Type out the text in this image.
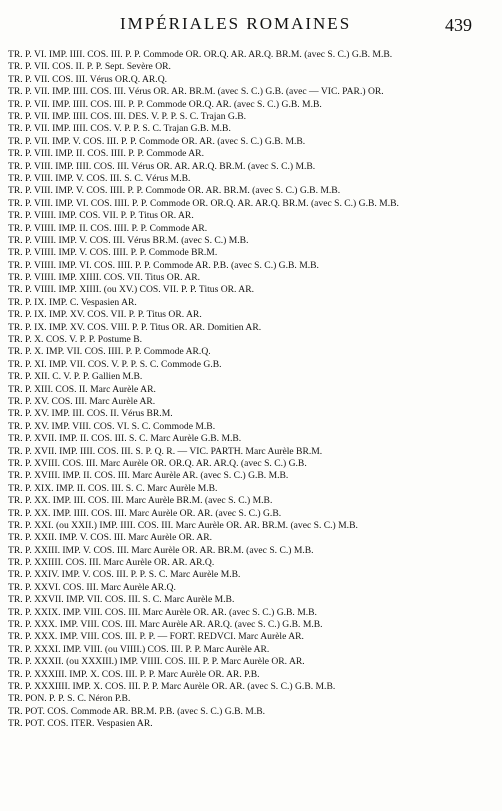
IMPÉRIALES ROMAINES	439
TR. P. VI. IMP. IIII. COS. III. P. P. Commode OR. OR.Q. AR. AR.Q. BR.M. (avec S. C.) G.B. M.B.
TR. P. VII. COS. II. P. P. Sept. Sevère OR.
TR. P. VII. COS. III. Vérus OR.Q. AR.Q.
TR. P. VII. IMP. IIII. COS. III. Vérus OR. AR. BR.M. (avec S. C.) G.B. (avec — VIC. PAR.) OR.
TR. P. VII. IMP. IIII. COS. III. P. P. Commode OR.Q. AR. (avec S. C.) G.B. M.B.
TR. P. VII. IMP. IIII. COS. III. DES. V. P. P. S. C. Trajan G.B.
TR. P. VII. IMP. IIII. COS. V. P. P. S. C. Trajan G.B. M.B.
TR. P. VII. IMP. V. COS. III. P. P. Commode OR. AR. (avec S. C.) G.B. M.B.
TR. P. VIII. IMP. II. COS. IIII. P. P. Commode AR.
TR. P. VIII. IMP. IIII. COS. III. Vérus OR. AR. AR.Q. BR.M. (avec S. C.) M.B.
TR. P. VIII. IMP. V. COS. III. S. C. Vérus M.B.
TR. P. VIII. IMP. V. COS. IIII. P. P. Commode OR. AR. BR.M. (avec S. C.) G.B. M.B.
TR. P. VIII. IMP. VI. COS. IIII. P. P. Commode OR. OR.Q. AR. AR.Q. BR.M. (avec S. C.) G.B. M.B.
TR. P. VIIII. IMP. COS. VII. P. P. Titus OR. AR.
TR. P. VIIII. IMP. II. COS. IIII. P. P. Commode AR.
TR. P. VIIII. IMP. V. COS. III. Vérus BR.M. (avec S. C.) M.B.
TR. P. VIIII. IMP. V. COS. IIII. P. P. Commode BR.M.
TR. P. VIIII. IMP. VI. COS. IIII. P. P. Commode AR. P.B. (avec S. C.) G.B. M.B.
TR. P. VIIII. IMP. XIIII. COS. VII. Titus OR. AR.
TR. P. VIIII. IMP. XIIII. (ou XV.) COS. VII. P. P. Titus OR. AR.
TR. P. IX. IMP. C. Vespasien AR.
TR. P. IX. IMP. XV. COS. VII. P. P. Titus OR. AR.
TR. P. IX. IMP. XV. COS. VIII. P. P. Titus OR. AR. Domitien AR.
TR. P. X. COS. V. P. P. Postume B.
TR. P. X. IMP. VII. COS. IIII. P. P. Commode AR.Q.
TR. P. XI. IMP. VII. COS. V. P. P. S. C. Commode G.B.
TR. P. XII. C. V. P. P. Gallien M.B.
TR. P. XIII. COS. II. Marc Aurèle AR.
TR. P. XV. COS. III. Marc Aurèle AR.
TR. P. XV. IMP. III. COS. II. Vérus BR.M.
TR. P. XV. IMP. VIII. COS. VI. S. C. Commode M.B.
TR. P. XVII. IMP. II. COS. III. S. C. Marc Aurèle G.B. M.B.
TR. P. XVII. IMP. IIII. COS. III. S. P. Q. R. — VIC. PARTH. Marc Aurèle BR.M.
TR. P. XVIII. COS. III. Marc Aurèle OR. OR.Q. AR. AR.Q. (avec S. C.) G.B.
TR. P. XVIII. IMP. II. COS. III. Marc Aurèle AR. (avec S. C.) G.B. M.B.
TR. P. XIX. IMP. II. COS. III. S. C. Marc Aurèle M.B.
TR. P. XX. IMP. III. COS. III. Marc Aurèle BR.M. (avec S. C.) M.B.
TR. P. XX. IMP. IIII. COS. III. Marc Aurèle OR. AR. (avec S. C.) G.B.
TR. P. XXI. (ou XXII.) IMP. IIII. COS. III. Marc Aurèle OR. AR. BR.M. (avec S. C.) M.B.
TR. P. XXII. IMP. V. COS. III. Marc Aurèle OR. AR.
TR. P. XXIII. IMP. V. COS. III. Marc Aurèle OR. AR. BR.M. (avec S. C.) M.B.
TR. P. XXIIII. COS. III. Marc Aurèle OR. AR. AR.Q.
TR. P. XXIV. IMP. V. COS. III. P. P. S. C. Marc Aurèle M.B.
TR. P. XXVI. COS. III. Marc Aurèle AR.Q.
TR. P. XXVII. IMP. VII. COS. III. S. C. Marc Aurèle M.B.
TR. P. XXIX. IMP. VIII. COS. III. Marc Aurèle OR. AR. (avec S. C.) G.B. M.B.
TR. P. XXX. IMP. VIII. COS. III. Marc Aurèle AR. AR.Q. (avec S. C.) G.B. M.B.
TR. P. XXX. IMP. VIII. COS. III. P. P. — FORT. REDVCI. Marc Aurèle AR.
TR. P. XXXI. IMP. VIII. (ou VIIII.) COS. III. P. P. Marc Aurèle AR.
TR. P. XXXII. (ou XXXIII.) IMP. VIIII. COS. III. P. P. Marc Aurèle OR. AR.
TR. P. XXXIII. IMP. X. COS. III. P. P. Marc Aurèle OR. AR. P.B.
TR. P. XXXIIII. IMP. X. COS. III. P. P. Marc Aurèle OR. AR. (avec S. C.) G.B. M.B.
TR. PON. P. P. S. C. Néron P.B.
TR. POT. COS. Commode AR. BR.M. P.B. (avec S. C.) G.B. M.B.
TR. POT. COS. ITER. Vespasien AR.
